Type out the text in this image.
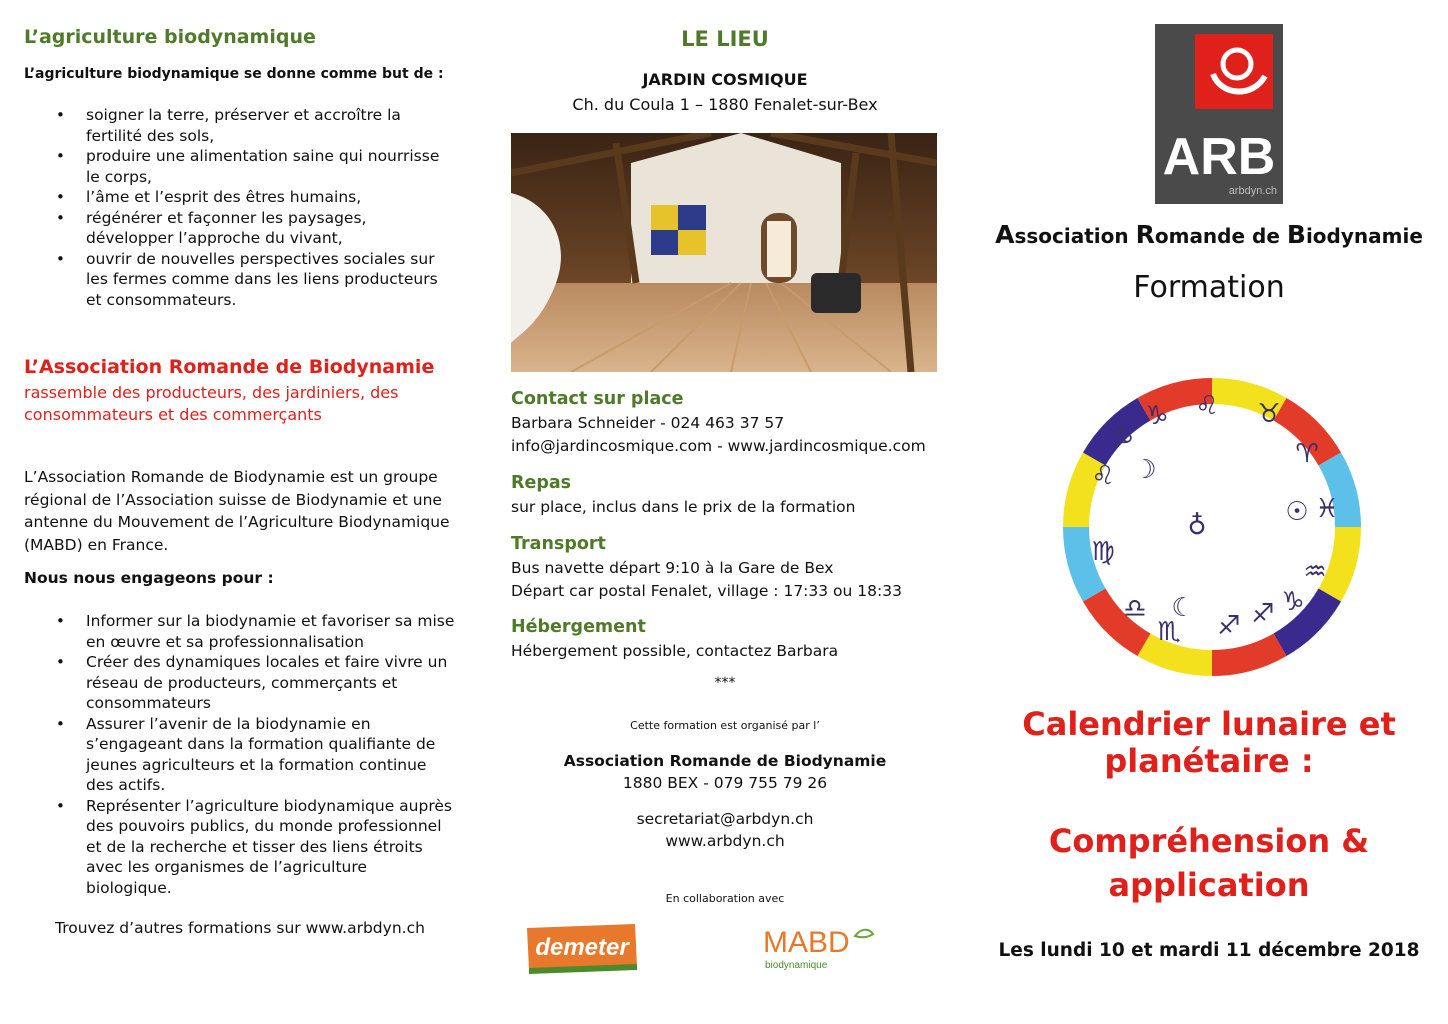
L’agriculture biodynamique
L’agriculture biodynamique se donne comme but de :
• soigner la terre, préserver et accroître la fertilité des sols,
• produire une alimentation saine qui nourrisse le corps,
• l’âme et l’esprit des êtres humains,
• régénérer et façonner les paysages, développer l’approche du vivant,
• ouvrir de nouvelles perspectives sociales sur les fermes comme dans les liens producteurs et consommateurs.
L’Association Romande de Biodynamie
rassemble des producteurs, des jardiniers, des consommateurs et des commerçants
L’Association Romande de Biodynamie est un groupe régional de l’Association suisse de Biodynamie et une antenne du Mouvement de l’Agriculture Biodynamique (MABD) en France.
Nous nous engageons pour :
• Informer sur la biodynamie et favoriser sa mise en œuvre et sa professionnalisation
• Créer des dynamiques locales et faire vivre un réseau de producteurs, commerçants et consommateurs
• Assurer l’avenir de la biodynamie en s’engageant dans la formation qualifiante de jeunes agriculteurs et la formation continue des actifs.
• Représenter l’agriculture biodynamique auprès des pouvoirs publics, du monde professionnel et de la recherche et tisser des liens étroits avec les organismes de l’agriculture biologique.
Trouvez d’autres formations sur www.arbdyn.ch
LE LIEU
JARDIN COSMIQUE
Ch. du Coula 1 – 1880 Fenalet-sur-Bex
Contact sur place
Barbara Schneider - 024 463 37 57
info@jardincosmique.com - www.jardincosmique.com
Repas
sur place, inclus dans le prix de la formation
Transport
Bus navette départ 9:10 à la Gare de Bex
Départ car postal Fenalet, village : 17:33 ou 18:33
Hébergement
Hébergement possible, contactez Barbara
***
Cette formation est organisé par l’
Association Romande de Biodynamie
1880 BEX - 079 755 79 26
secretariat@arbdyn.ch
www.arbdyn.ch
En collaboration avec
demeter	MABD
biodynamique
ARB
arbdyn.ch
Association Romande de Biodynamie
Formation
♌
♑
♋
♉
♈
♌ ☽
♁	☉ ♓
♍
♒
♎ ☾
♏ ♐ ♐ ♑
Calendrier lunaire et planétaire :
Compréhension & application
Les lundi 10 et mardi 11 décembre 2018
